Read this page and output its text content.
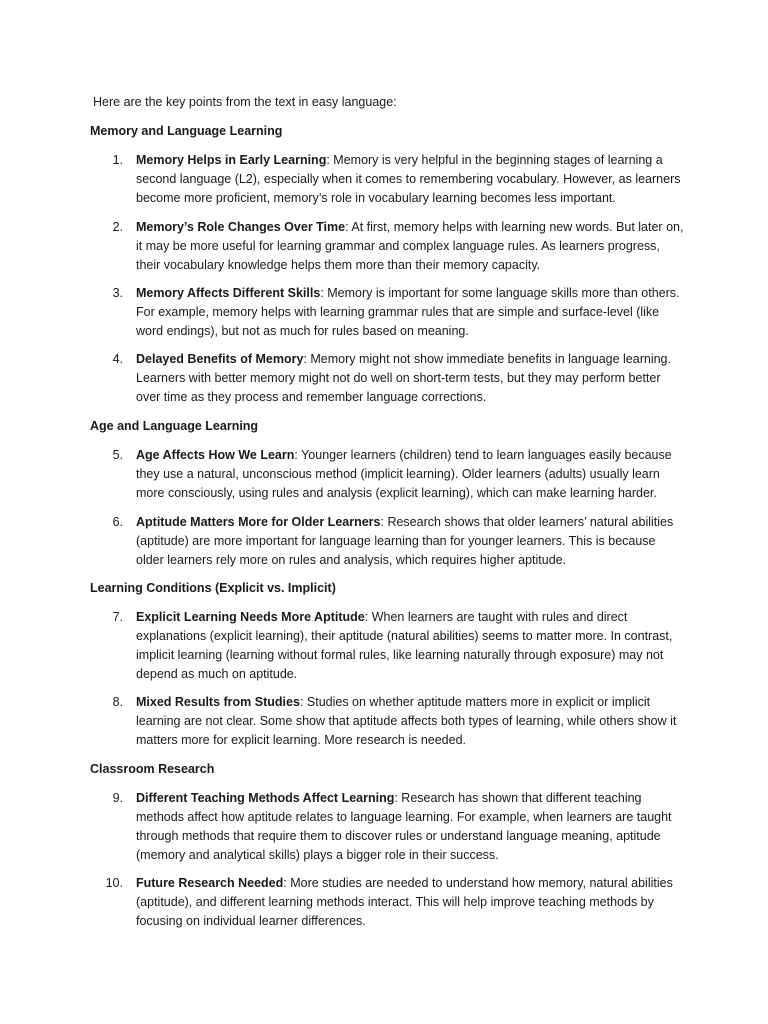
Here are the key points from the text in easy language:

Memory and Language Learning

1. Memory Helps in Early Learning: Memory is very helpful in the beginning stages of learning a second language (L2), especially when it comes to remembering vocabulary. However, as learners become more proficient, memory’s role in vocabulary learning becomes less important.
2. Memory’s Role Changes Over Time: At first, memory helps with learning new words. But later on, it may be more useful for learning grammar and complex language rules. As learners progress, their vocabulary knowledge helps them more than their memory capacity.
3. Memory Affects Different Skills: Memory is important for some language skills more than others. For example, memory helps with learning grammar rules that are simple and surface-level (like word endings), but not as much for rules based on meaning.
4. Delayed Benefits of Memory: Memory might not show immediate benefits in language learning. Learners with better memory might not do well on short-term tests, but they may perform better over time as they process and remember language corrections.

Age and Language Learning

5. Age Affects How We Learn: Younger learners (children) tend to learn languages easily because they use a natural, unconscious method (implicit learning). Older learners (adults) usually learn more consciously, using rules and analysis (explicit learning), which can make learning harder.
6. Aptitude Matters More for Older Learners: Research shows that older learners’ natural abilities (aptitude) are more important for language learning than for younger learners. This is because older learners rely more on rules and analysis, which requires higher aptitude.

Learning Conditions (Explicit vs. Implicit)

7. Explicit Learning Needs More Aptitude: When learners are taught with rules and direct explanations (explicit learning), their aptitude (natural abilities) seems to matter more. In contrast, implicit learning (learning without formal rules, like learning naturally through exposure) may not depend as much on aptitude.
8. Mixed Results from Studies: Studies on whether aptitude matters more in explicit or implicit learning are not clear. Some show that aptitude affects both types of learning, while others show it matters more for explicit learning. More research is needed.

Classroom Research

9. Different Teaching Methods Affect Learning: Research has shown that different teaching methods affect how aptitude relates to language learning. For example, when learners are taught through methods that require them to discover rules or understand language meaning, aptitude (memory and analytical skills) plays a bigger role in their success.
10. Future Research Needed: More studies are needed to understand how memory, natural abilities (aptitude), and different learning methods interact. This will help improve teaching methods by focusing on individual learner differences.
